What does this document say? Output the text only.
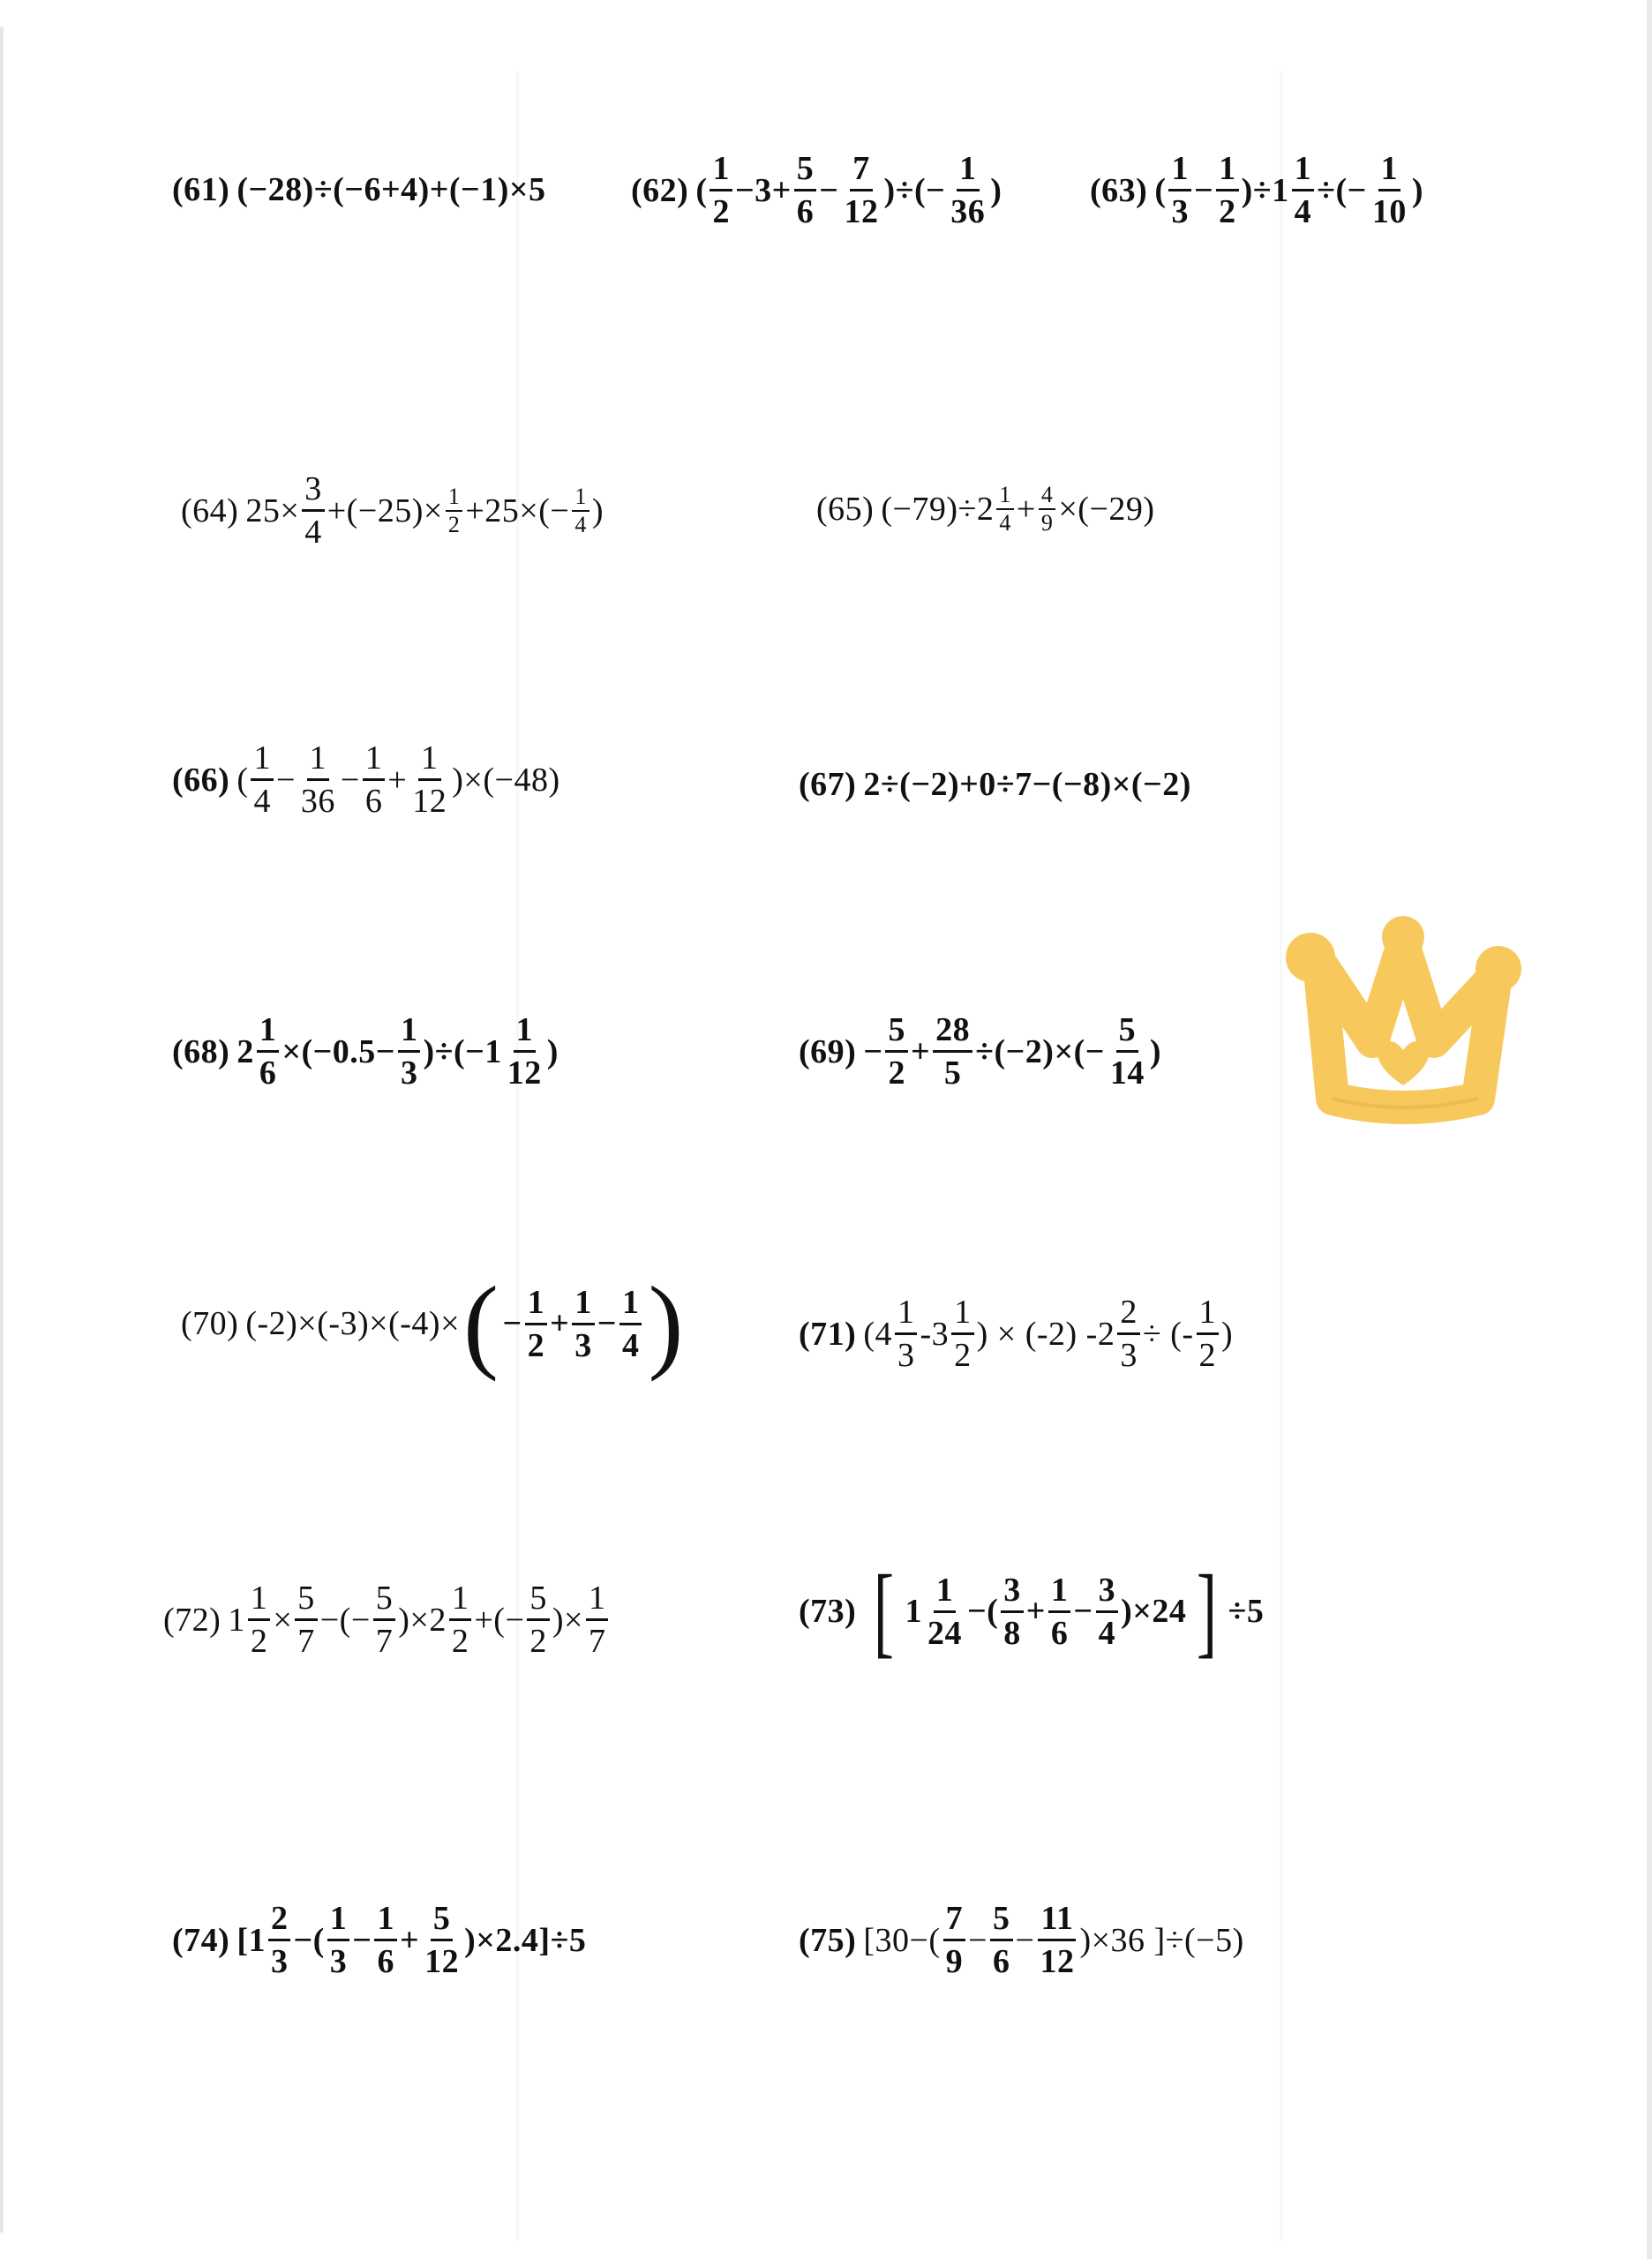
(61) (−28)÷(−6+4)+(−1)×5	(62) ( $\frac{1}{2} -3+ \frac{5}{6} - \frac{7}{12}$ )÷(− $\frac{1}{36}$ )	(63) ( $\frac{1}{3} - \frac{1}{2} )\div 1 \frac{1}{4}$ ÷(− $\frac{1}{10}$ )
(64) $25\times \frac{3}{4} +(-25)\times \frac{1}{2} +25\times(- \frac{1}{4}$ )	(65) $(-79)\div 2 \frac{1}{4} + \frac{4}{9} \times(-29)$
(66) ( $\frac{1}{4} - \frac{1}{36} - \frac{1}{6} + \frac{1}{12} )\times(-48)$	(67) 2÷(−2)+0÷7−(−8)×(−2)
(68) $2 \frac{1}{6} \times(-0.5- \frac{1}{3} )\div(-1 \frac{1}{12}$ )	$(69) - \frac{5}{2} + \frac{28}{5} \div(-2)\times(- \frac{5}{14}$ )
(70) (-2)×(-3)×(-4)× ( − $\frac{1}{2} + \frac{1}{3} - \frac{1}{4}$ )	(71) ($4 \frac{1}{3} -3 \frac{1}{2}$ ) × (-2) $-2 \frac{2}{3}$ ÷ (- $\frac{1}{2}$ )
(72) $1 \frac{1}{2} \times \frac{5}{7}$ −(− $\frac{5}{7} )\times 2 \frac{1}{2}$ +(− $\frac{5}{2}$ )× $\frac{1}{7}$	(73) [ $1 \frac{1}{24}$ −( $\frac{3}{8} + \frac{1}{6} - \frac{3}{4} )\times 24$ ] ÷5
(74) [$1 \frac{2}{3}$ −( $\frac{1}{3} - \frac{1}{6} + \frac{5}{12} )\times 2.4]\div 5$	(75) [$30-( \frac{7}{9} - \frac{5}{6} - \frac{11}{12} )\times 36$ ]÷(−5)
